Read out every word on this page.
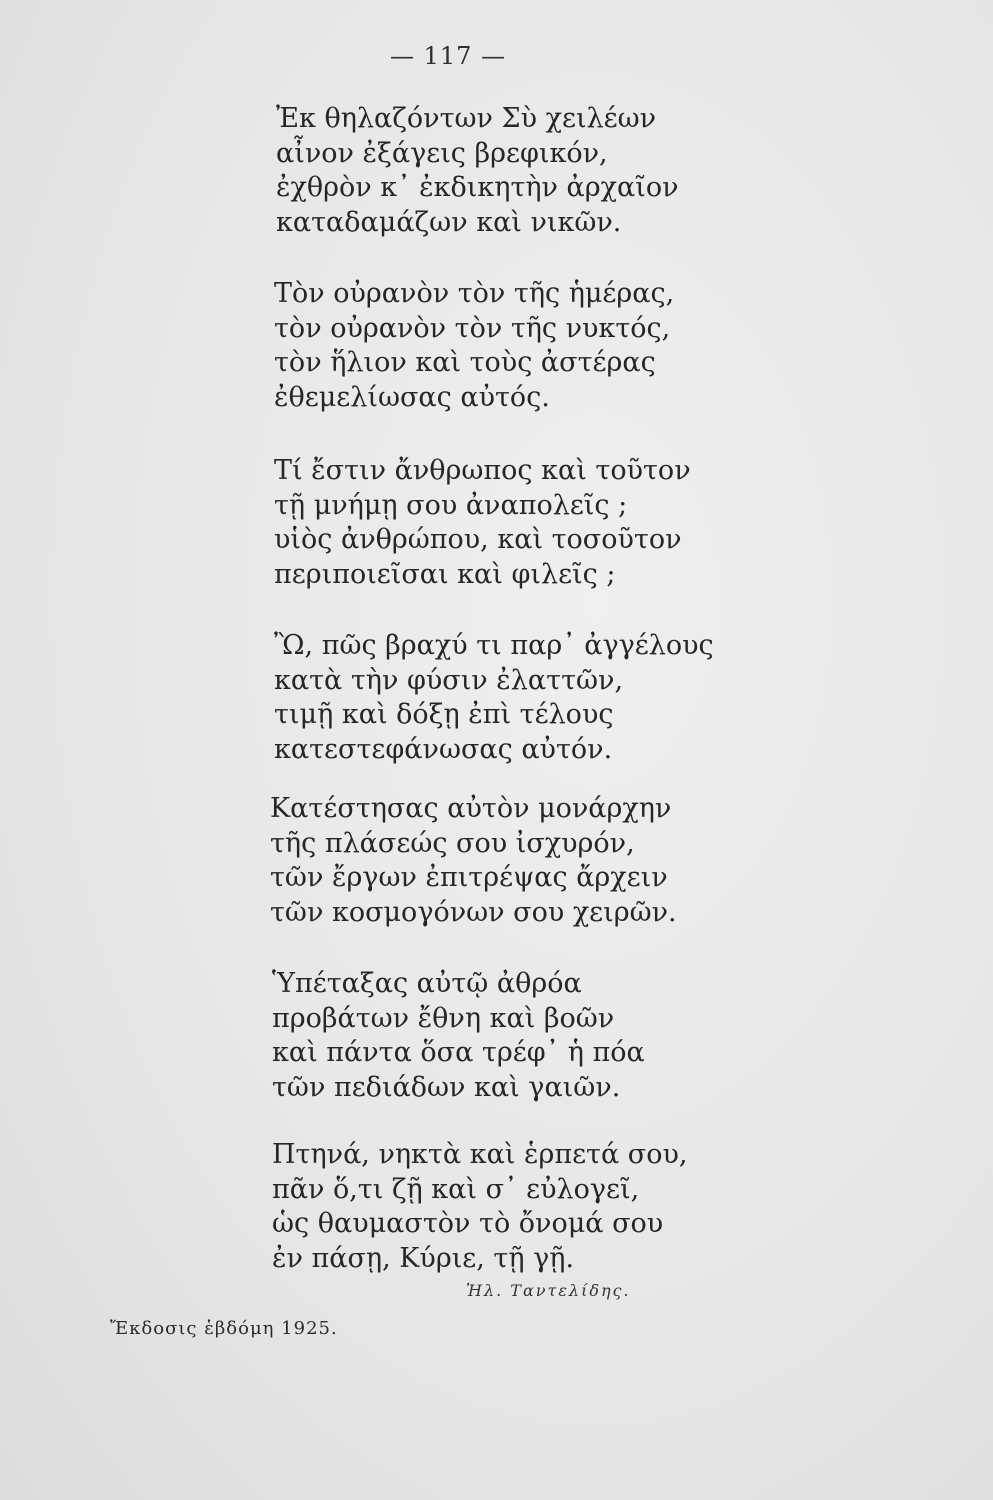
— 117 —
Ἐκ θηλαζόντων Σὺ χειλέων
αἶνον ἐξάγεις βρεφικόν,
ἐχθρὸν κ᾽ ἐκδικητὴν ἀρχαῖον
καταδαμάζων καὶ νικῶν.
Τὸν οὐρανὸν τὸν τῆς ἡμέρας,
τὸν οὐρανὸν τὸν τῆς νυκτός,
τὸν ἥλιον καὶ τοὺς ἀστέρας
ἐθεμελίωσας αὐτός.
Τί ἔστιν ἄνθρωπος καὶ τοῦτον
τῇ μνήμῃ σου ἀναπολεῖς ;
υἱὸς ἀνθρώπου, καὶ τοσοῦτον
περιποιεῖσαι καὶ φιλεῖς ;
Ὢ, πῶς βραχύ τι παρ᾽ ἀγγέλους
κατὰ τὴν φύσιν ἐλαττῶν,
τιμῇ καὶ δόξῃ ἐπὶ τέλους
κατεστεφάνωσας αὐτόν.
Κατέστησας αὐτὸν μονάρχην
τῆς πλάσεώς σου ἰσχυρόν,
τῶν ἔργων ἐπιτρέψας ἄρχειν
τῶν κοσμογόνων σου χειρῶν.
Ὑπέταξας αὐτῷ ἀθρόα
προβάτων ἔθνη καὶ βοῶν
καὶ πάντα ὅσα τρέφ᾽ ἡ πόα
τῶν πεδιάδων καὶ γαιῶν.
Πτηνά, νηκτὰ καὶ ἑρπετά σου,
πᾶν ὅ,τι ζῇ καὶ σ᾽ εὐλογεῖ,
ὡς θαυμαστὸν τὸ ὄνομά σου
ἐν πάσῃ, Κύριε, τῇ γῇ.
Ἠλ. Ταντελίδης.
Ἔκδοσις ἑβδόμη 1925.
